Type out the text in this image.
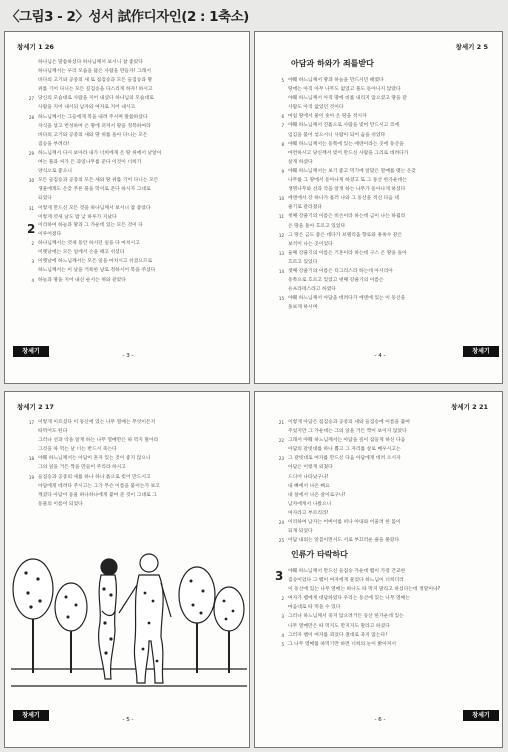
〈그림3 - 2〉성서 試作디자인(2 : 1축소)
창세기 1 26
하나님은 말씀하셨다 하나님께서 보시니 참 좋았다
하나님께서는 우리 모습을 닮은 사람을 만들자! 그래서
바다의 고기와 공중의 새 또 집짐승과 모든 들짐승과 땅
위를 기어 다니는 모든 길짐승을 다스리게 하자! 하시고
27 당신의 모습대로 사람을 지어 내셨다 하나님의 모습대로
사람을 지어 내시되 남자와 여자로 지어 내시고
28 하느님께서는 그들에게 복을 내려 주시며 말씀하셨다
자식을 낳고 번성하여 온 땅에 퍼져서 땅을 정복하여라
바다의 고기와 공중의 새와 땅 위를 돌아 다니는 모든
짐승을 부려라!
29 하느님께서 다시 보아라 내가 너희에게 온 땅 위에서 낟알이
여는 풀과 씨가 든 과일나무를 준다 이것이 너희가
양식으로 좋으니
30 모든 들짐승과 공중의 모든 새와 땅 위를 기어 다니는 모든
생물에게도 온갖 푸른 풀을 먹이로 준다 하시자 그대로
되었다
31 이렇게 만드신 모든 것을 하나님께서 보시니 참 좋았다
이렇게 엿새 날도 밤 낮 하루가 지났다
2 이리하여 하늘과 땅과 그 가운데 있는 모든 것이 다
이루어졌다
2 하나님께서는 엿새 동안 하시던 일을 다 마치시고
이렛날에는 모든 일에서 손을 떼고 쉬셨다
3 이렛날에 하느님께서는 모든 일을 마치시고 쉬셨으므로
하느님께서는 이 날을 거룩한 날로 정하시어 복을 주셨다
4 하늘과 땅을 지어 내신 순서는 위와 같았다
창세기
- 3 -
창세기 2 5
아담과 하와가 죄를받다
5 야훼 하느님께서 땅과 하늘을 만드시던 때였다
땅에는 아직 아무 나무도 없었고 풀도 돋아나지 않았다
야훼 하느님께서 아직 땅에 비를 내리지 않으셨고 땅을 갈
사람도 아직 없었던 것이다
6 마침 땅에서 물이 솟아 온 땅을 적시자
7 야훼 하느님께서 진흙으로 사람을 빚어 만드시고 코에
입김을 불어 넣으시니 사람이 되어 숨을 쉬었다
8 야훼 하느님께서는 동쪽에 있는 에덴이라는 곳에 동산을
마련하시고 당신께서 빚어 만드신 사람을 그리로 데려다가
살게 하셨다
9 야훼 하느님께서는 보기 좋고 먹기에 알맞은 열매를 맺는 온갖
나무를 그 땅에서 돋아나게 하셨고 또 그 동산 한가운데는
생명나무와 선과 악을 알게 하는 나무가 돋아나게 하셨다
10 에덴에서 강 하나가 흘러 나와 그 동산을 적신 다음 네
줄기로 갈라졌다
11 첫째 강줄기의 이름은 비손이라 하는데 금이 나는 하윌라
온 땅을 돌아 흐르고 있었다
12 그 땅은 금도 좋은 데다가 브델리움 향료와 홍옥수 같은
보석이 나는 곳이었다
13 둘째 강줄기의 이름은 기혼이라 하는데 구스 온 땅을 돌아
흐르고 있었다
14 셋째 강줄기의 이름은 티그리스라 하는데 아시리아
동쪽으로 흐르고 있었고 넷째 강줄기의 이름은
유프라테스라고 하였다
15 야훼 하느님께서 아담을 데려다가 에덴에 있는 이 동산을
돌보게 하시며
창세기
- 4 -
창세기 2 17
17 이렇게 이르셨다 이 동산에 있는 나무 열매는 무엇이든지
따먹어도 된다
그러나 선과 악을 알게 하는 나무 열매만은 따 먹지 말아라
그것을 따 먹는 날 너는 반드시 죽는다
18 야훼 하느님께서는 아담이 혼자 있는 것이 좋지 않으니
그의 일을 거든 짝을 만들어 주리라 하시고
19 들짐승과 공중의 새를 하나 하나 흙으로 빚어 만드시고
아담에게 데려다 주시고는 그가 무슨 이름을 붙이는가 보고
계셨다 아담이 동물 하나하나에게 붙여 준 것이 그대로 그
동물의 이름이 되었다
창세기
- 5 -
창세기 2 21
21 이렇게 아담은 집짐승과 공중의 새와 들짐승에 이름을 붙여
주었지만 그 가운데는 그의 일을 거든 짝이 보이지 않았다
22 그래서 야훼 하느님께서는 아담을 깊이 잠들게 하신 다음
아담의 갈빗대를 하나 뽑고 그 자리를 살로 메우시고는
23 그 갈빗대로 여자를 만드신 다음 아담에게 데려 오시자
아담은 이렇게 외쳤다
드디어 나타났구나!
내 뼈에서 나온 뼈요
내 살에서 나온 살이로구나!
남자에게서 나왔으니
여자라고 부르리라!
24 이리하여 남자는 어버이를 떠나 아내와 어울려 한 몸이
되게 되었다
25 아담 내외는 알몸이면서도 서로 부끄러운 줄을 몰랐다
인류가 타락하다
3 야훼 하느님께서 만드신 들짐승 가운데 뱀이 가장 간교한
짐승이었다 그 뱀이 여자에게 물었다 하느님이 너희더러
이 동산에 있는 나무 열매는 하나도 따 먹지 말라고 하셨다는데 정말이냐?
2 여자가 뱀에게 대답하였다 우리는 동산에 있는 나무 열매는
마음대로 따 먹을 수 있다
3 그러나 하느님께서 죽지 않으려거든 동산 한가운데 있는
나무 열매만은 따 먹지도 만지지도 말라고 하셨다
4 그러자 뱀이 여자를 꾀었다 절대로 죽지 않는다!
5 그 나무 열매를 따먹기만 하면 너희의 눈이 밝아져서
창세기
- 6 -
